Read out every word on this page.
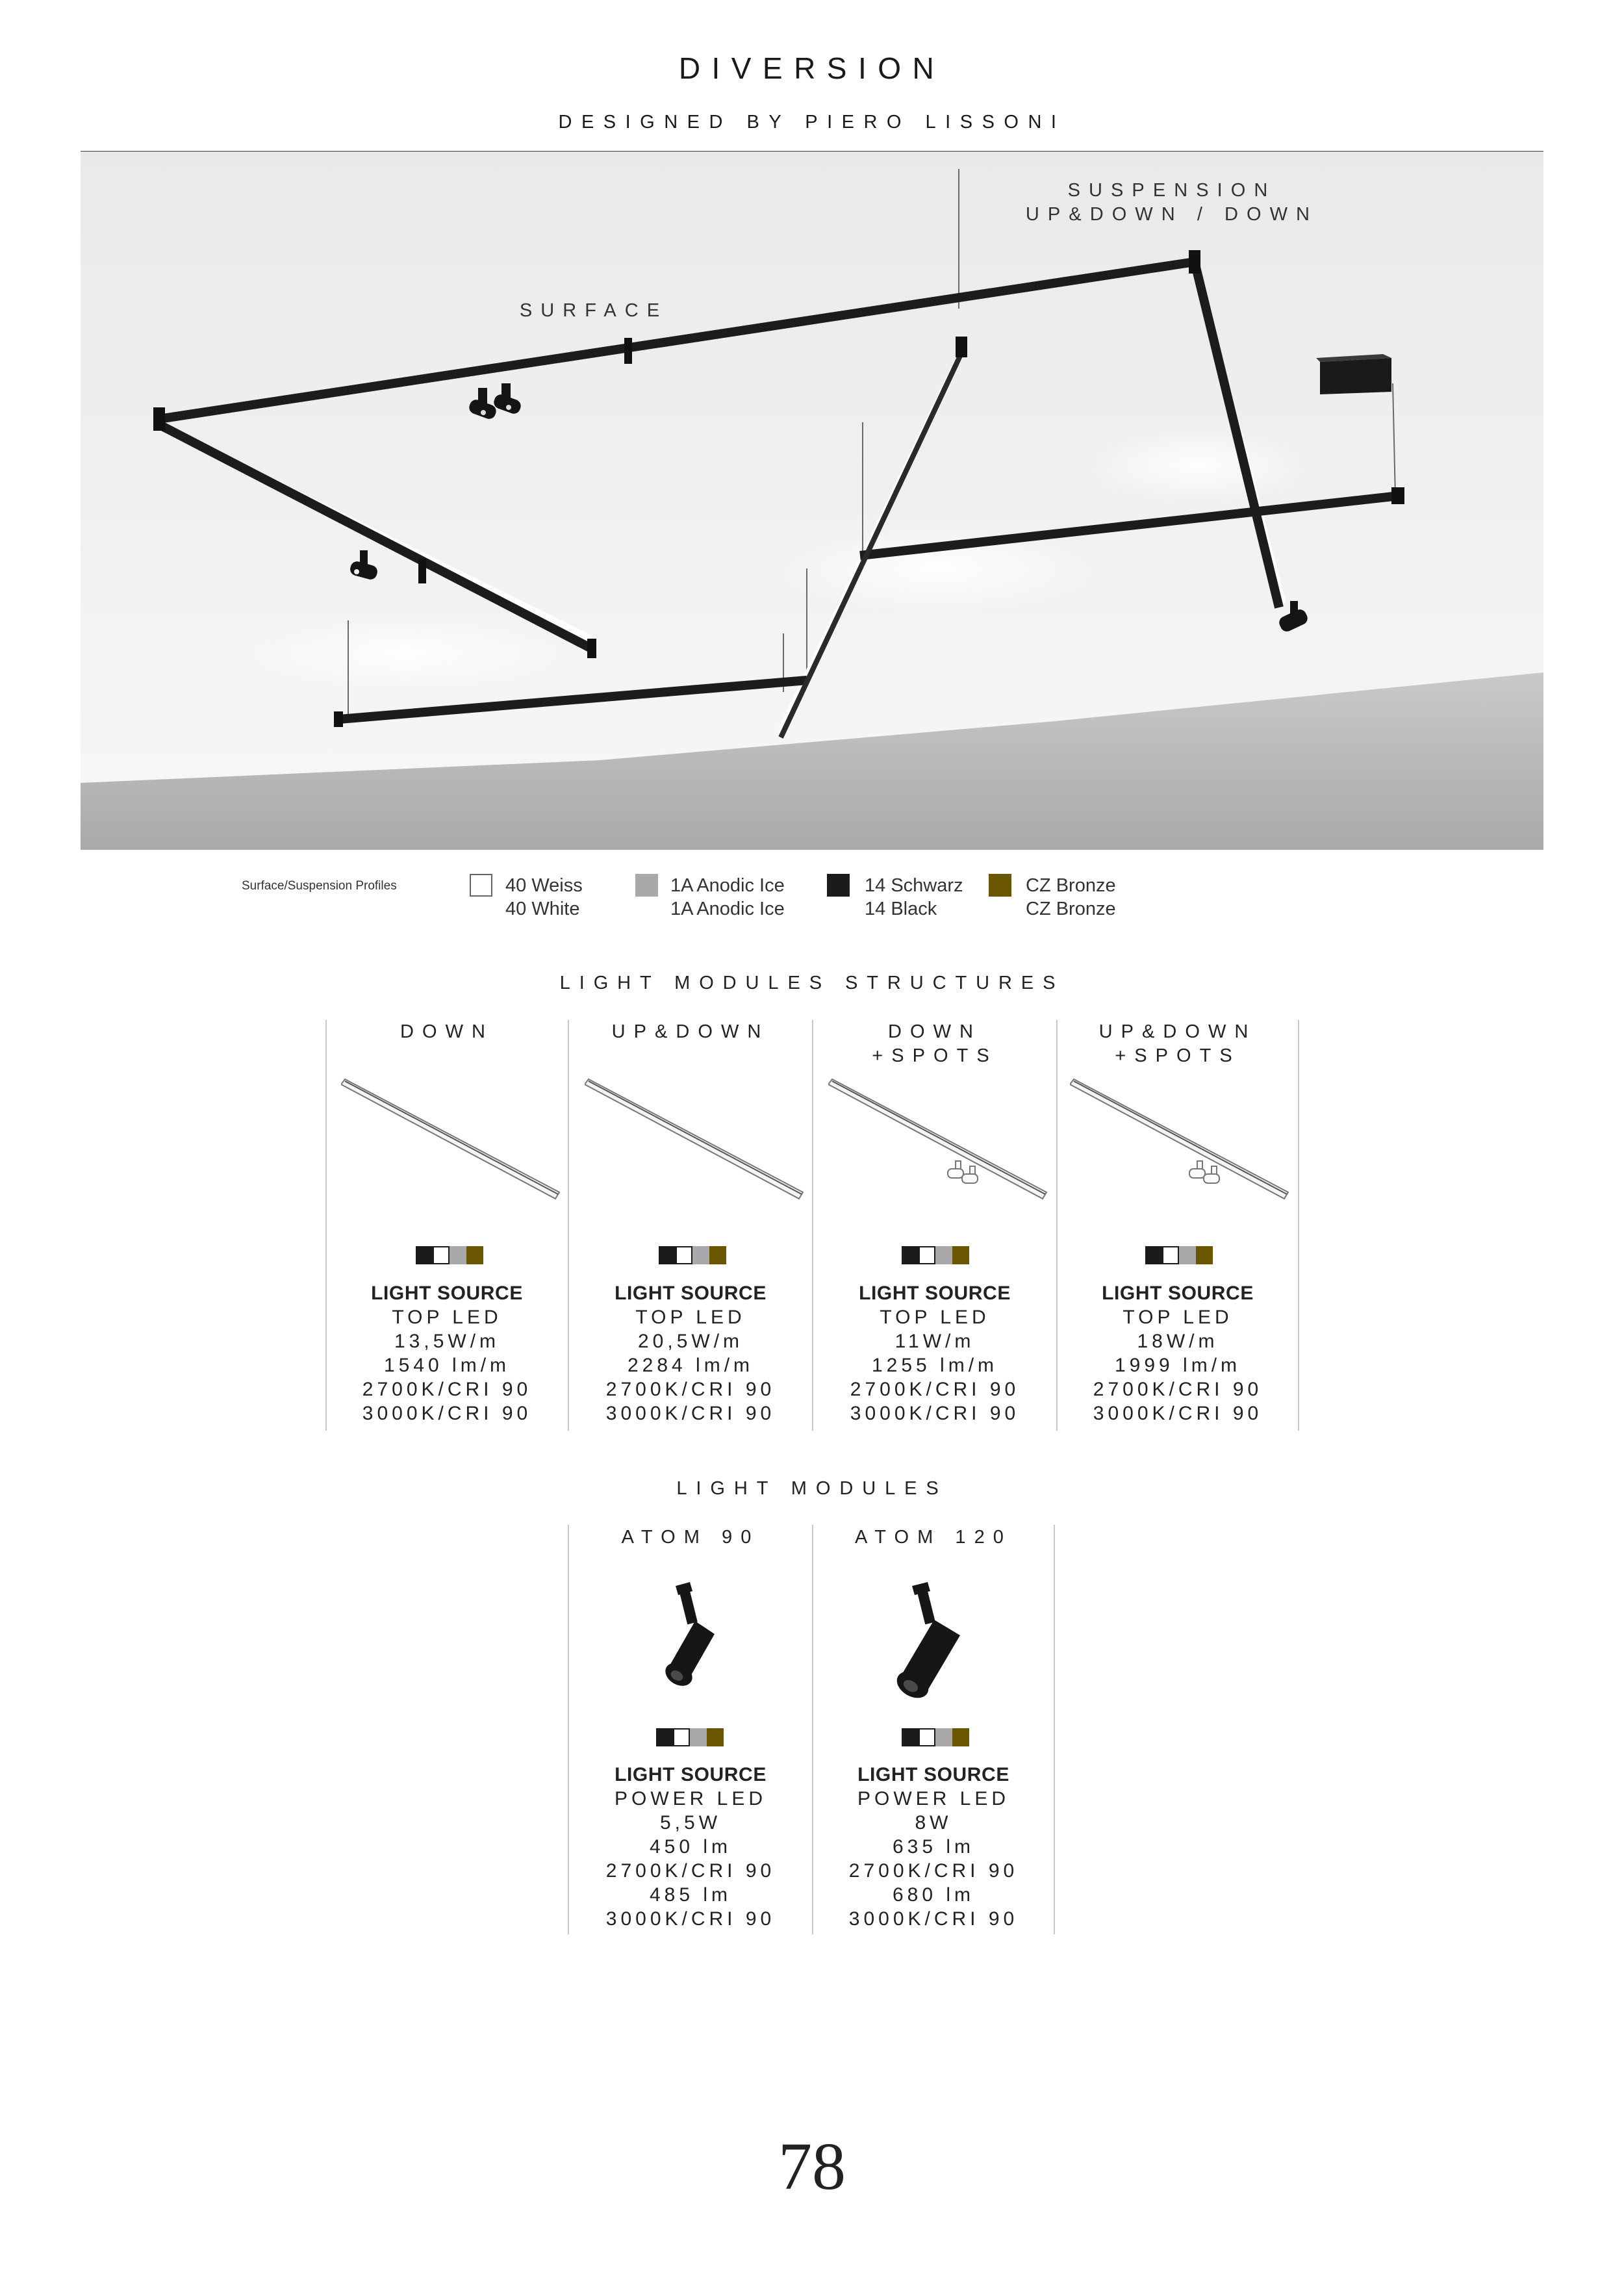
DIVERSION
DESIGNED BY PIERO LISSONI
SUSPENSION
UP&DOWN / DOWN
SURFACE
Surface/Suspension Profiles	40 Weiss
40 White
1A Anodic Ice
1A Anodic Ice
14 Schwarz
14 Black
CZ Bronze
CZ Bronze
LIGHT MODULES STRUCTURES
DOWN
LIGHT SOURCE
TOP LED
13,5W/m
1540 lm/m
2700K/CRI 90
3000K/CRI 90
UP&DOWN
LIGHT SOURCE
TOP LED
20,5W/m
2284 lm/m
2700K/CRI 90
3000K/CRI 90
DOWN
+SPOTS
LIGHT SOURCE
TOP LED
11W/m
1255 lm/m
2700K/CRI 90
3000K/CRI 90
UP&DOWN
+SPOTS
LIGHT SOURCE
TOP LED
18W/m
1999 lm/m
2700K/CRI 90
3000K/CRI 90
LIGHT MODULES
ATOM 90
LIGHT SOURCE
POWER LED
5,5W
450 lm
2700K/CRI 90
485 lm
3000K/CRI 90
ATOM 120
LIGHT SOURCE
POWER LED
8W
635 lm
2700K/CRI 90
680 lm
3000K/CRI 90
78
